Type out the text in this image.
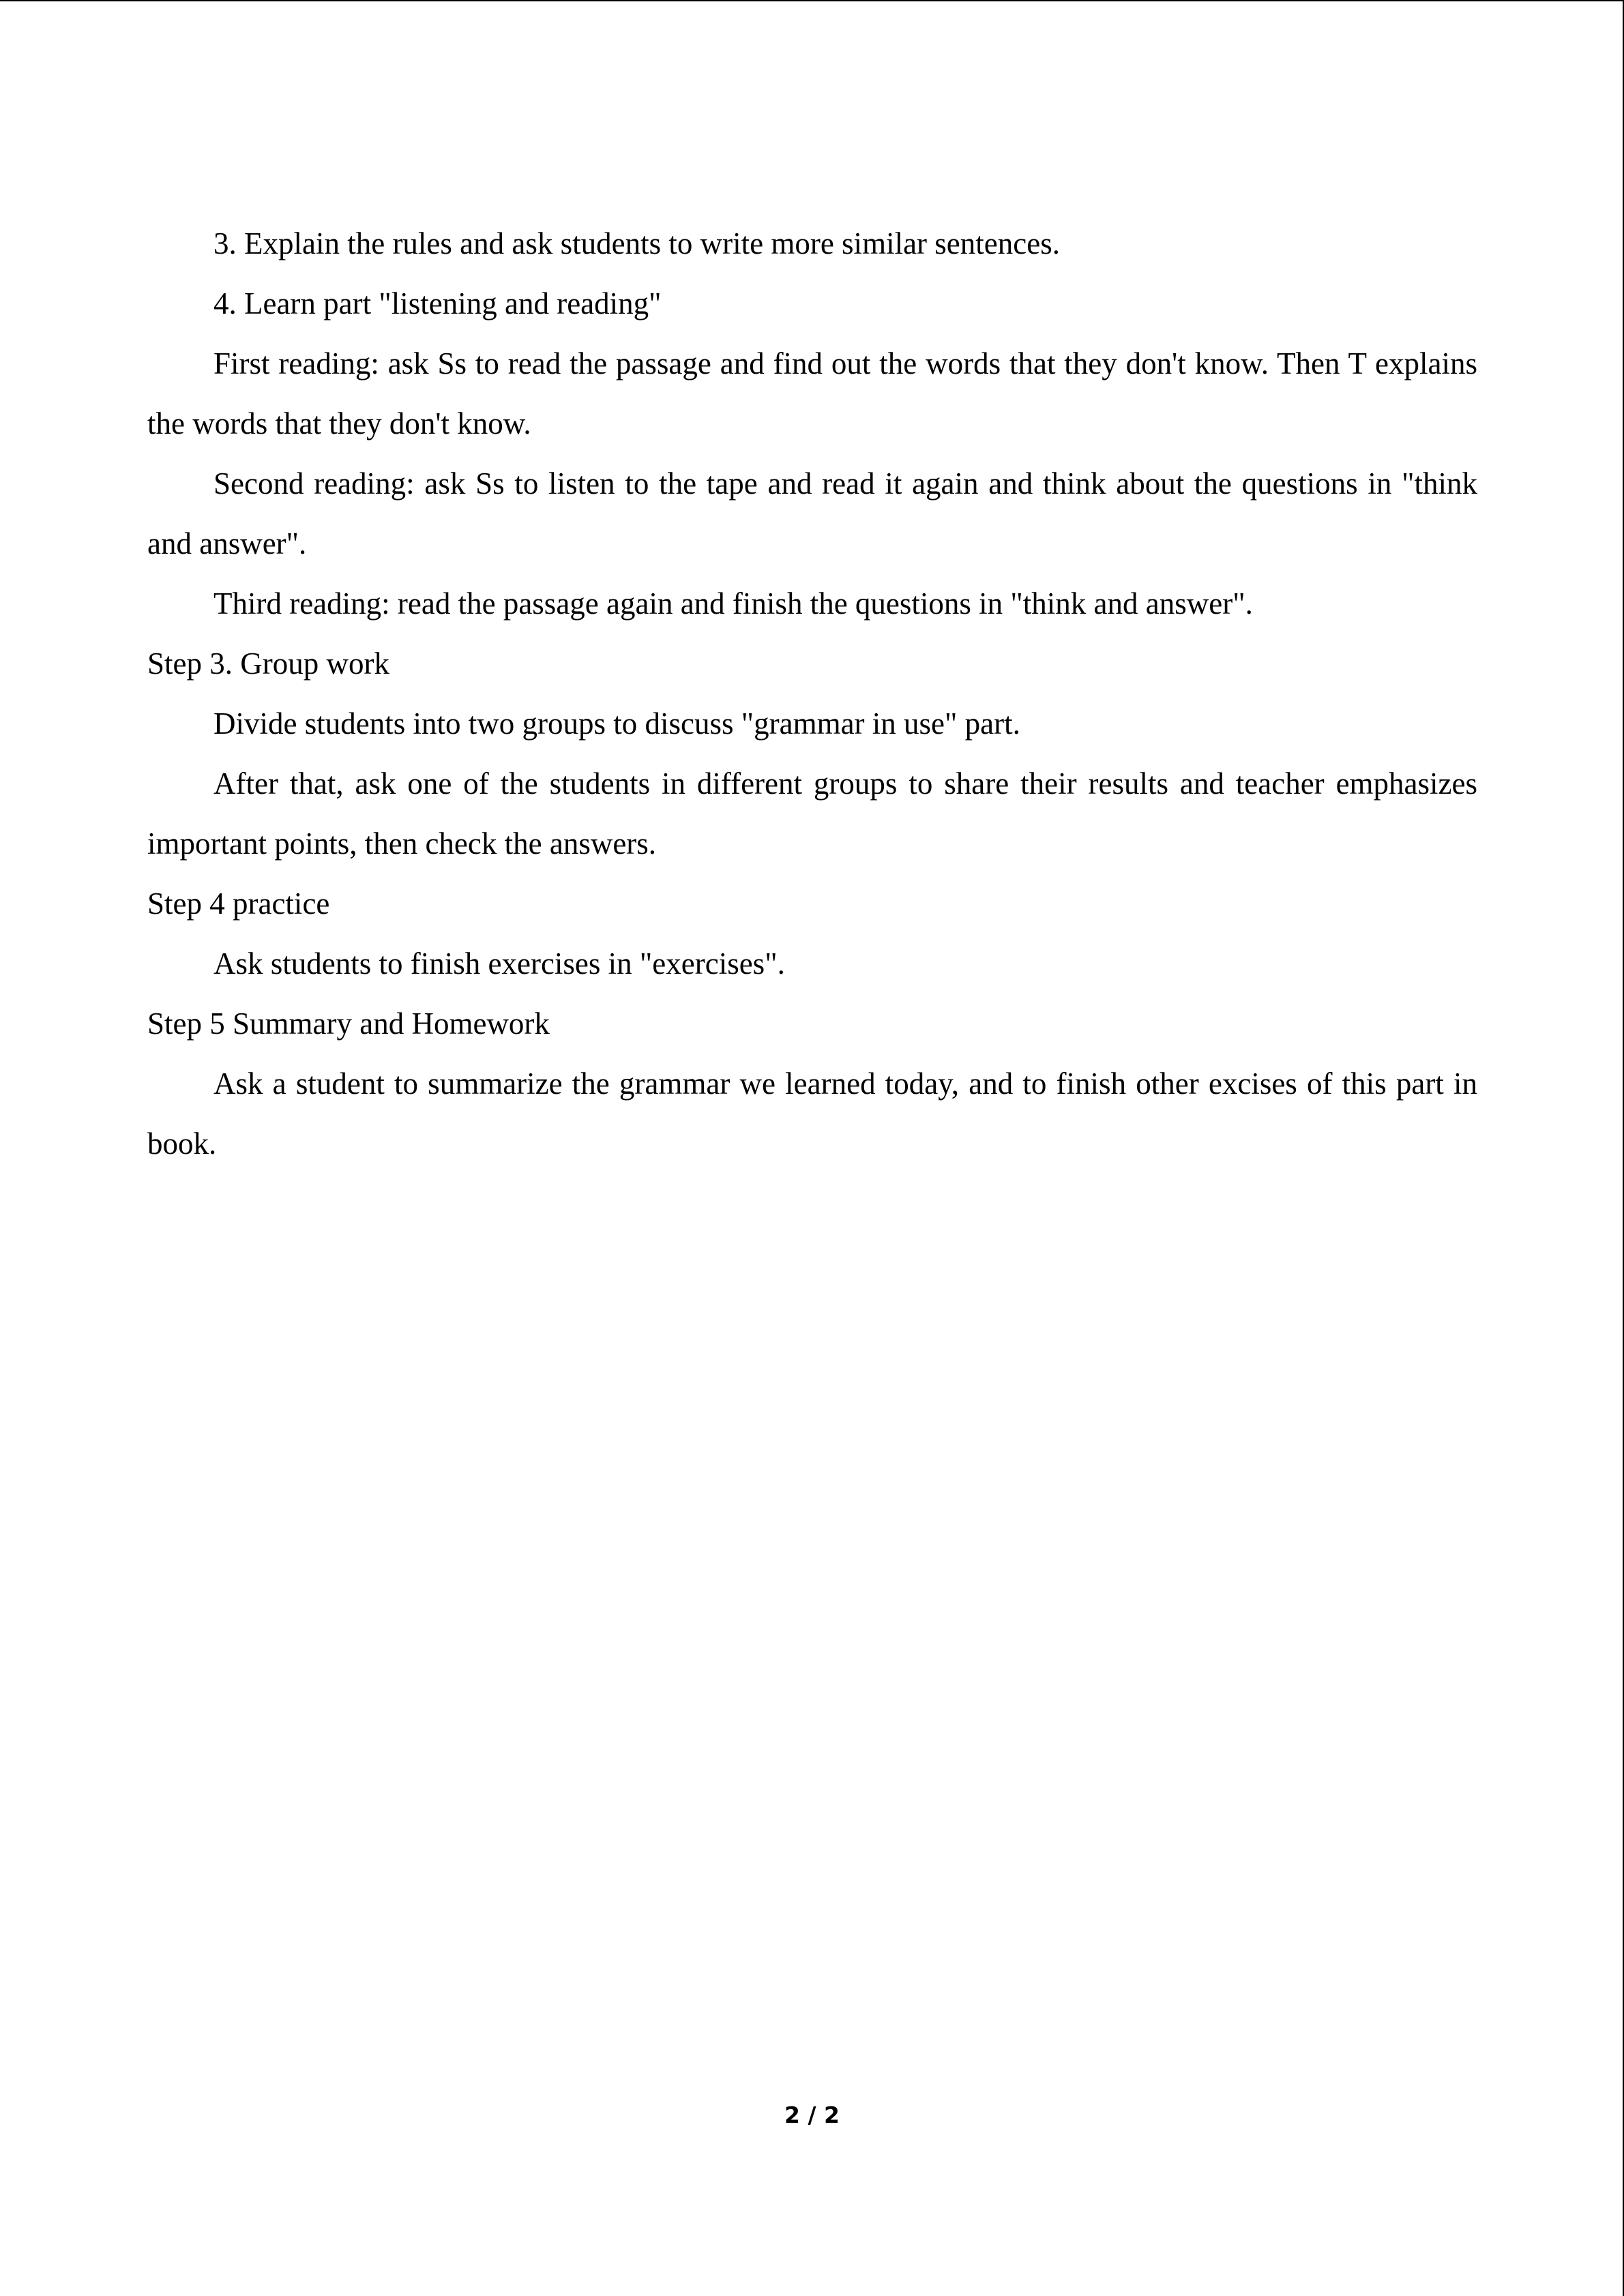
3. Explain the rules and ask students to write more similar sentences.

4. Learn part "listening and reading"

First reading: ask Ss to read the passage and find out the words that they don't know. Then T explains the words that they don't know.

Second reading: ask Ss to listen to the tape and read it again and think about the questions in "think and answer".

Third reading: read the passage again and finish the questions in "think and answer".

Step 3. Group work

Divide students into two groups to discuss "grammar in use" part.

After that, ask one of the students in different groups to share their results and teacher emphasizes important points, then check the answers.

Step 4 practice

Ask students to finish exercises in "exercises".

Step 5 Summary and Homework

Ask a student to summarize the grammar we learned today, and to finish other excises of this part in book.

2 / 2
